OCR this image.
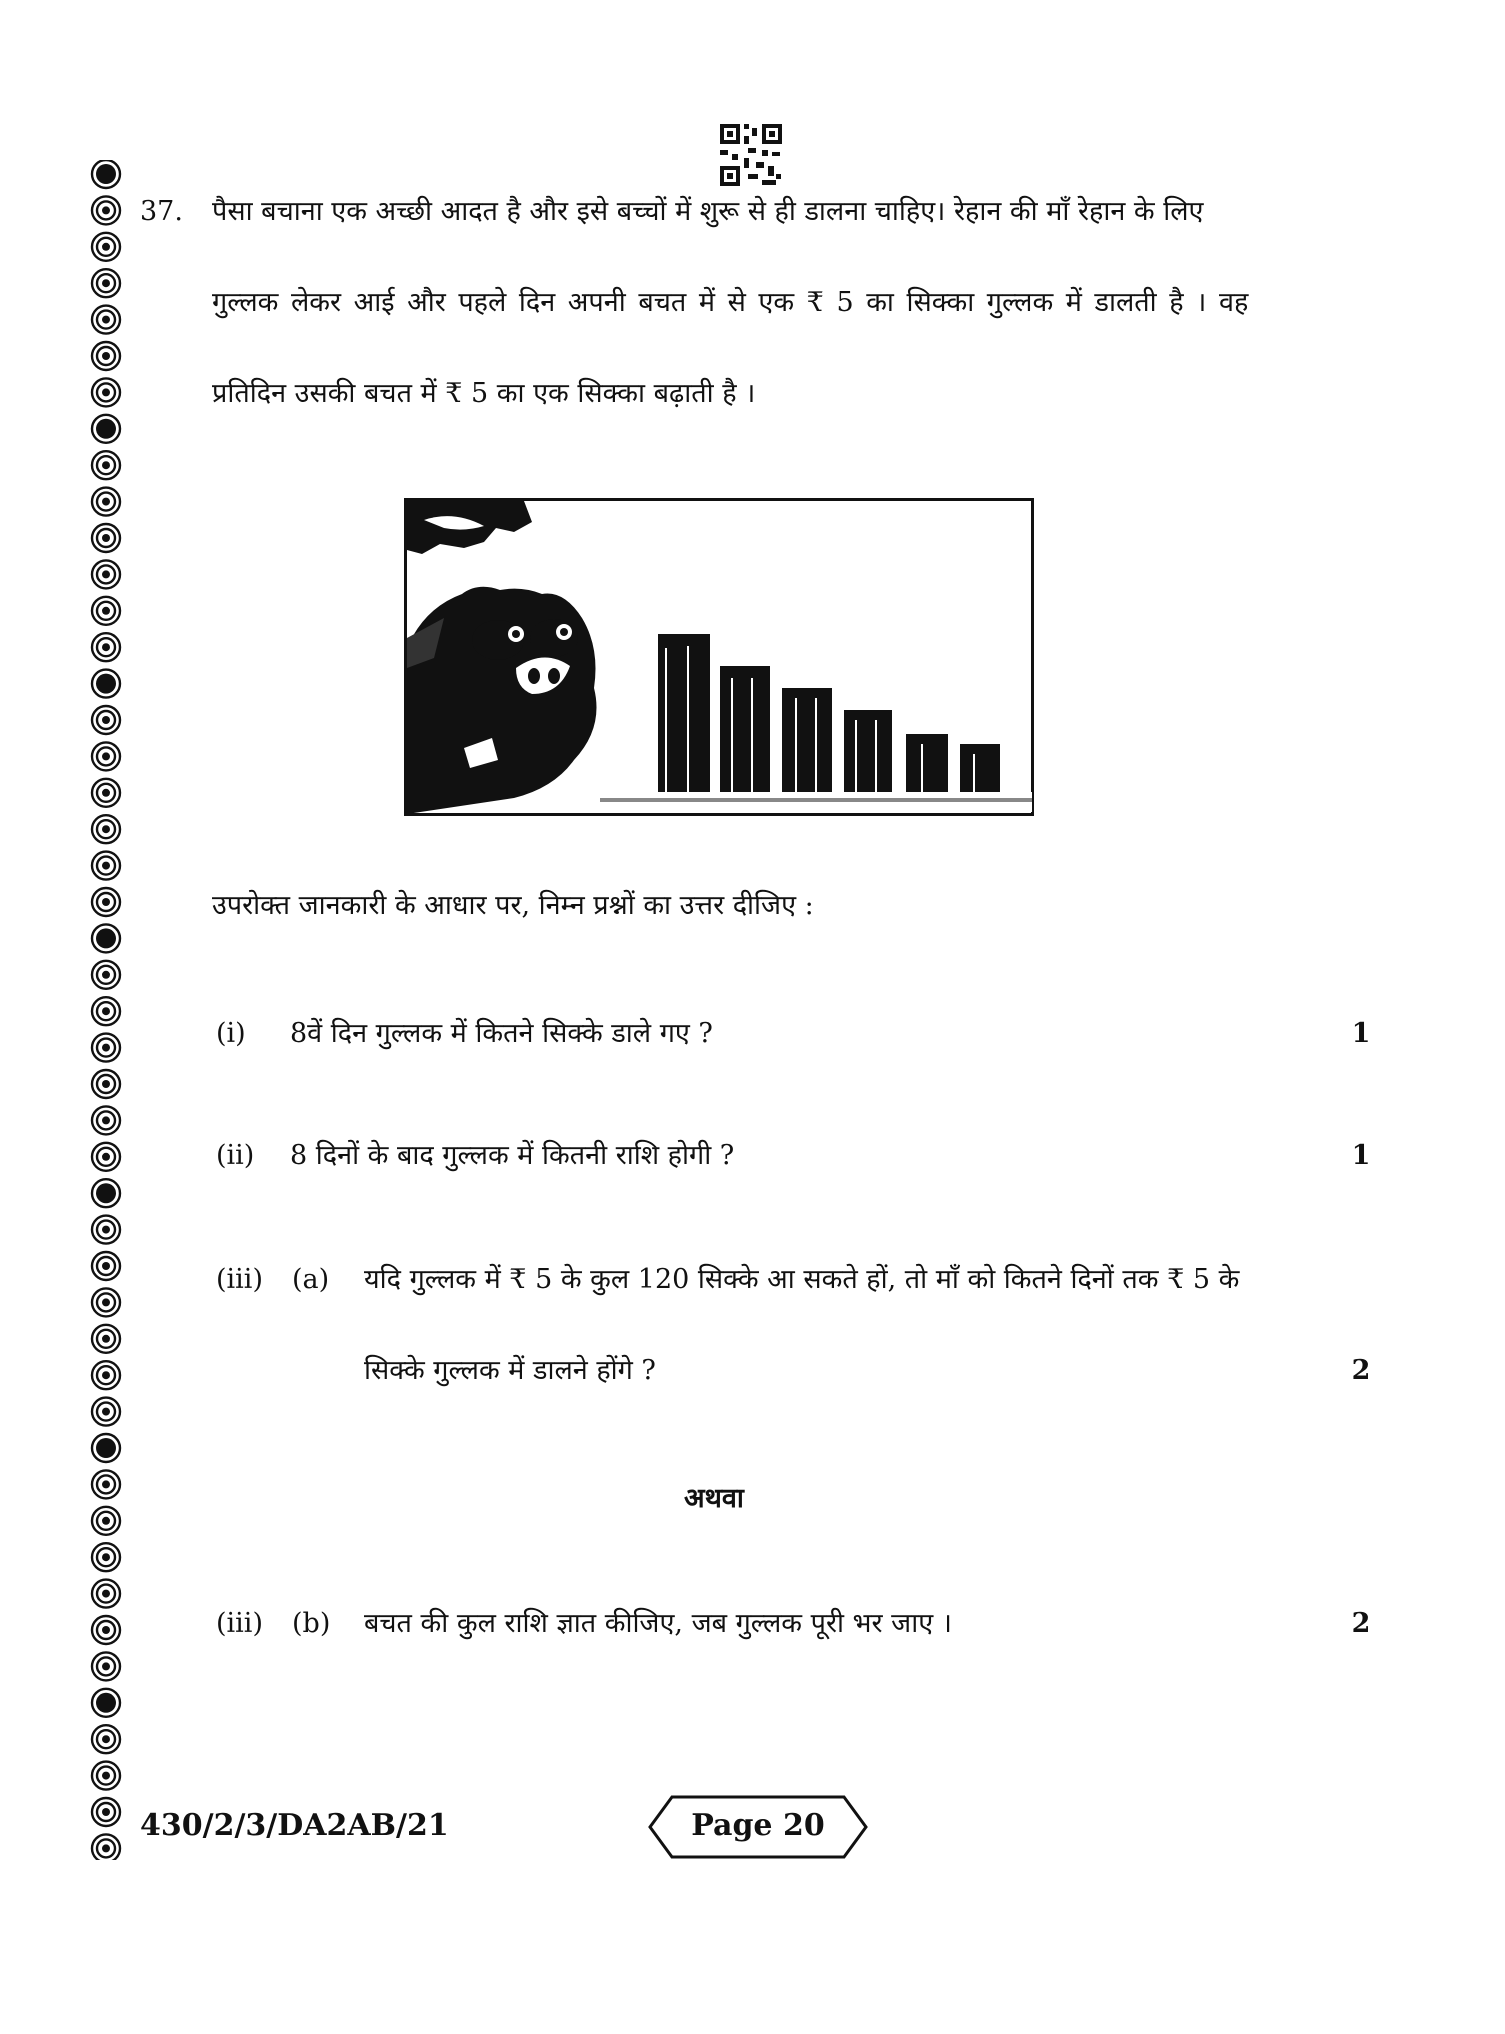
37. पैसा बचाना एक अच्छी आदत है और इसे बच्चों में शुरू से ही डालना चाहिए। रेहान की माँ रेहान के लिए
गुल्लक लेकर आई और पहले दिन अपनी बचत में से एक ₹ 5 का सिक्का गुल्लक में डालती है । वह
प्रतिदिन उसकी बचत में ₹ 5 का एक सिक्का बढ़ाती है ।
उपरोक्त जानकारी के आधार पर, निम्न प्रश्नों का उत्तर दीजिए :
(i) 8वें दिन गुल्लक में कितने सिक्के डाले गए ?	1
(ii) 8 दिनों के बाद गुल्लक में कितनी राशि होगी ?	1
(iii) (a) यदि गुल्लक में ₹ 5 के कुल 120 सिक्के आ सकते हों, तो माँ को कितने दिनों तक ₹ 5 के
सिक्के गुल्लक में डालने होंगे ?	2
अथवा
(iii) (b) बचत की कुल राशि ज्ञात कीजिए, जब गुल्लक पूरी भर जाए ।	2
430/2/3/DA2AB/21	Page 20
